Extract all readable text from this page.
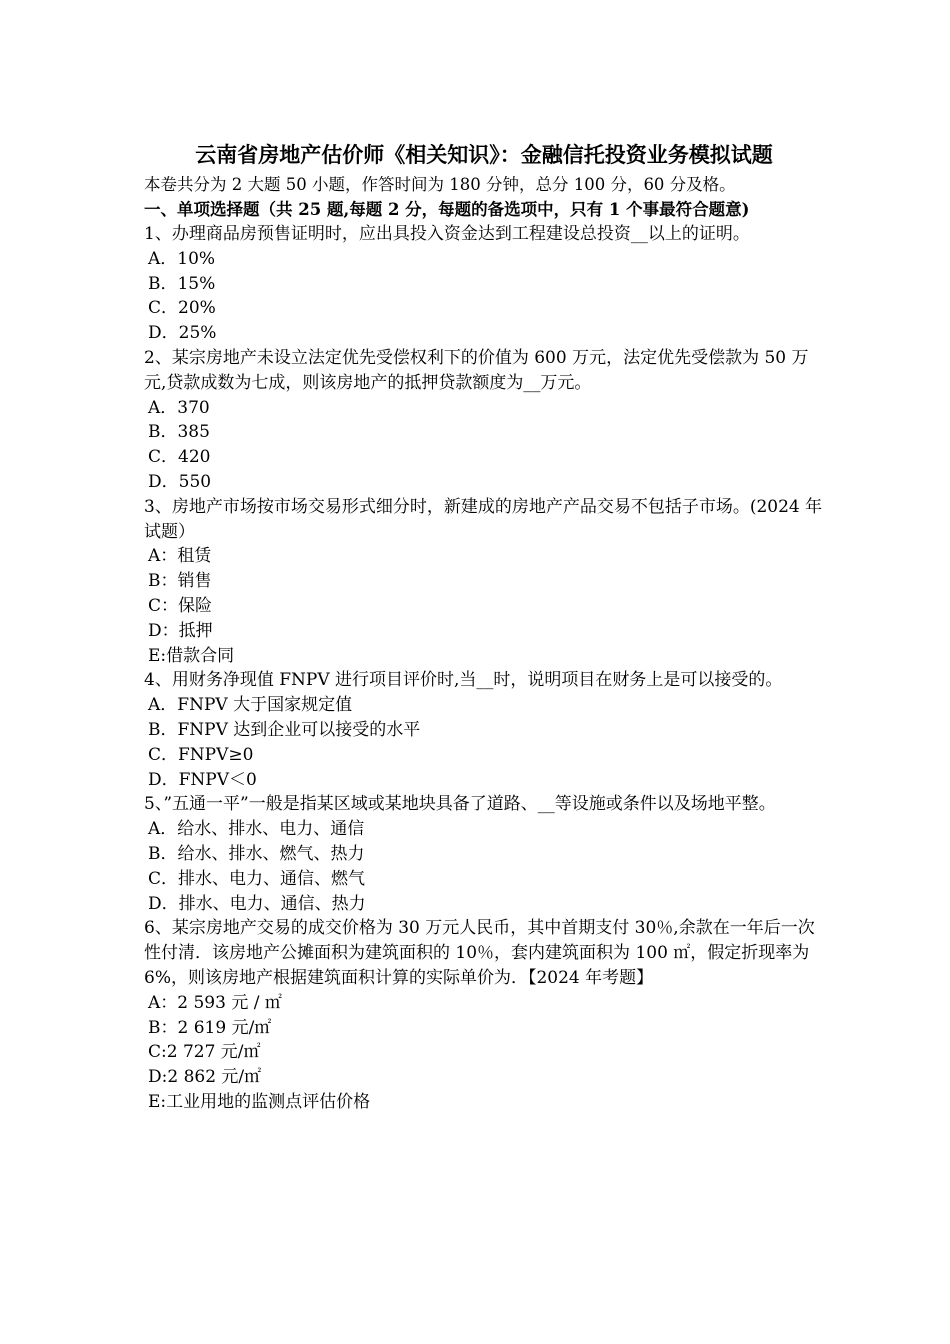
云南省房地产估价师《相关知识》：金融信托投资业务模拟试题
本卷共分为 2 大题 50 小题，作答时间为 180 分钟，总分 100 分，60 分及格。
一、单项选择题（共 25 题,每题 2 分，每题的备选项中，只有 1 个事最符合题意)
1、办理商品房预售证明时，应出具投入资金达到工程建设总投资__以上的证明。
A．10%
B．15%
C．20%
D．25%
2、某宗房地产未设立法定优先受偿权利下的价值为 600 万元，法定优先受偿款为 50 万元,贷款成数为七成，则该房地产的抵押贷款额度为__万元。
A．370
B．385
C．420
D．550
3、房地产市场按市场交易形式细分时，新建成的房地产产品交易不包括子市场。(2024 年试题）
A：租赁
B：销售
C：保险
D：抵押
E:借款合同
4、用财务净现值 FNPV 进行项目评价时,当__时，说明项目在财务上是可以接受的。
A．FNPV 大于国家规定值
B．FNPV 达到企业可以接受的水平
C．FNPV≥0
D．FNPV＜0
5、”五通一平”一般是指某区域或某地块具备了道路、__等设施或条件以及场地平整。
A．给水、排水、电力、通信
B．给水、排水、燃气、热力
C．排水、电力、通信、燃气
D．排水、电力、通信、热力
6、某宗房地产交易的成交价格为 30 万元人民币，其中首期支付 30％,余款在一年后一次性付清．该房地产公摊面积为建筑面积的 10％，套内建筑面积为 100 ㎡，假定折现率为 6%，则该房地产根据建筑面积计算的实际单价为．【2024 年考题】
A：2 593 元 / ㎡
B：2 619 元/㎡
C:2 727 元/㎡
D:2 862 元/㎡
E:工业用地的监测点评估价格
